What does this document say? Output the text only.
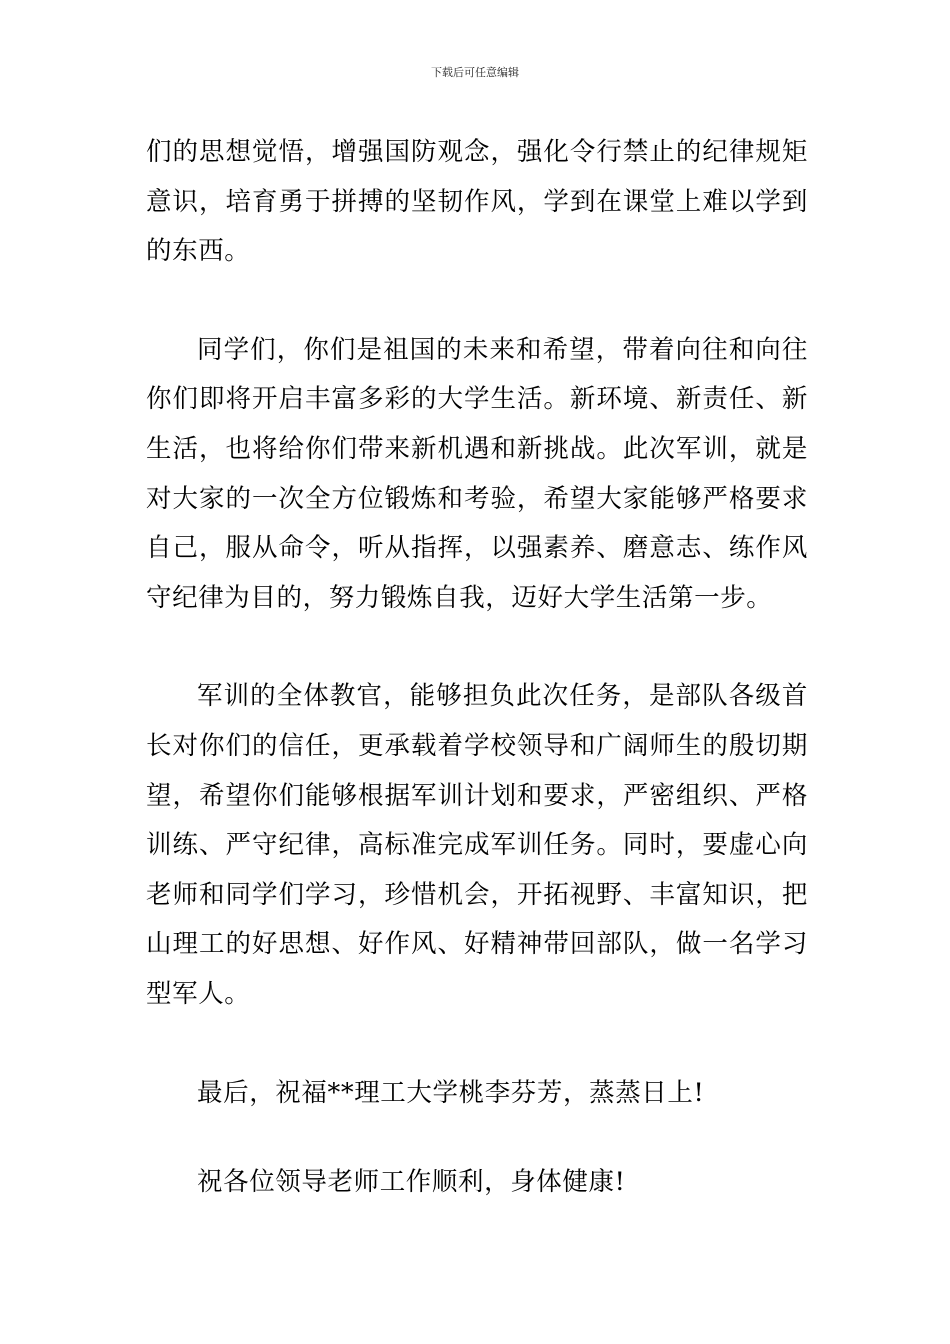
下载后可任意编辑

们的思想觉悟，增强国防观念，强化令行禁止的纪律规矩意识，培育勇于拼搏的坚韧作风，学到在课堂上难以学到的东西。

同学们，你们是祖国的未来和希望，带着向往和向往你们即将开启丰富多彩的大学生活。新环境、新责任、新生活，也将给你们带来新机遇和新挑战。此次军训，就是对大家的一次全方位锻炼和考验，希望大家能够严格要求自己，服从命令，听从指挥，以强素养、磨意志、练作风守纪律为目的，努力锻炼自我，迈好大学生活第一步。

军训的全体教官，能够担负此次任务，是部队各级首长对你们的信任，更承载着学校领导和广阔师生的殷切期望，希望你们能够根据军训计划和要求，严密组织、严格训练、严守纪律，高标准完成军训任务。同时，要虚心向老师和同学们学习，珍惜机会，开拓视野、丰富知识，把山理工的好思想、好作风、好精神带回部队，做一名学习型军人。

最后，祝福**理工大学桃李芬芳，蒸蒸日上!

祝各位领导老师工作顺利，身体健康!
